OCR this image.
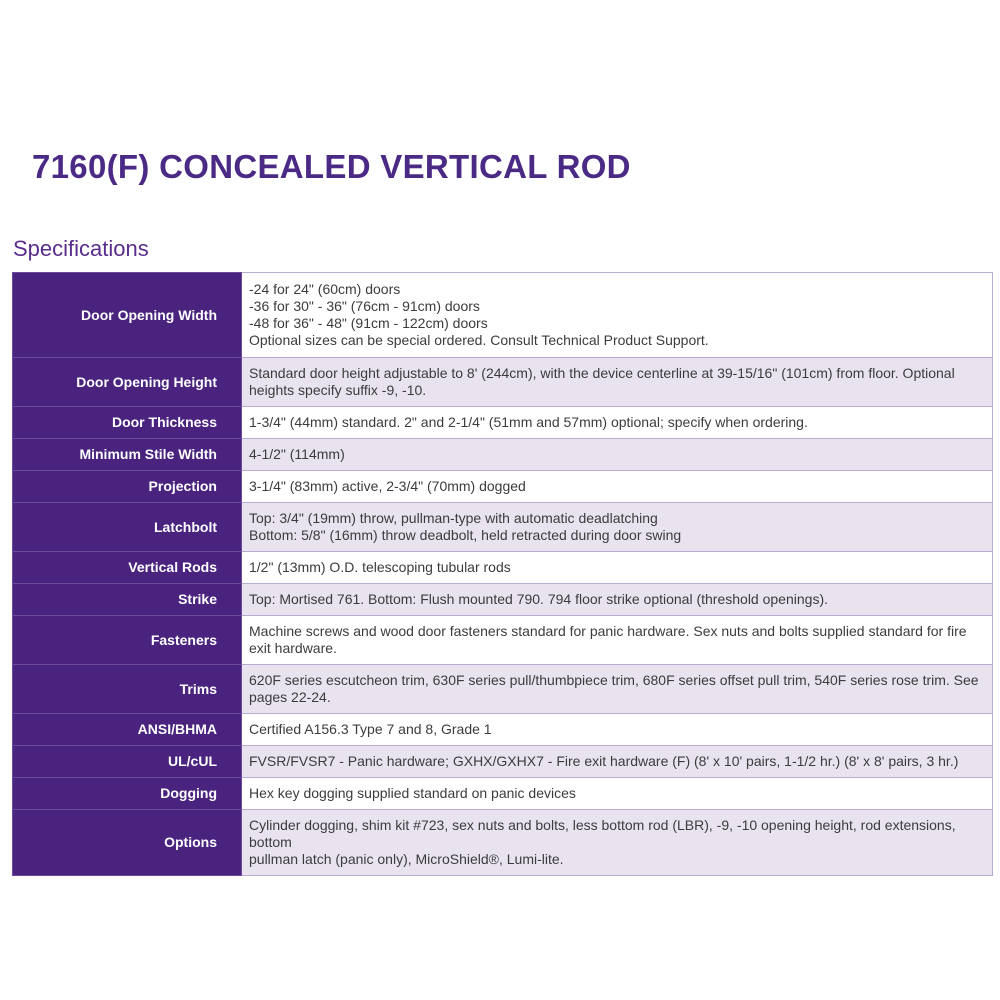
7160(F) CONCEALED VERTICAL ROD
Specifications
Door Opening Width	-24 for 24" (60cm) doors
-36 for 30" - 36" (76cm - 91cm) doors
-48 for 36" - 48" (91cm - 122cm) doors
Optional sizes can be special ordered. Consult Technical Product Support.

Door Opening Height	Standard door height adjustable to 8' (244cm), with the device centerline at 39-15/16" (101cm) from floor. Optional
heights specify suffix -9, -10.

Door Thickness	1-3/4" (44mm) standard. 2" and 2-1/4" (51mm and 57mm) optional; specify when ordering.

Minimum Stile Width	4-1/2" (114mm)

Projection	3-1/4" (83mm) active, 2-3/4" (70mm) dogged

Latchbolt	Top: 3/4" (19mm) throw, pullman-type with automatic deadlatching
Bottom: 5/8" (16mm) throw deadbolt, held retracted during door swing

Vertical Rods	1/2" (13mm) O.D. telescoping tubular rods

Strike	Top: Mortised 761. Bottom: Flush mounted 790. 794 floor strike optional (threshold openings).

Fasteners	Machine screws and wood door fasteners standard for panic hardware. Sex nuts and bolts supplied standard for fire
exit hardware.

Trims	620F series escutcheon trim, 630F series pull/thumbpiece trim, 680F series offset pull trim, 540F series rose trim. See
pages 22-24.

ANSI/BHMA	Certified A156.3 Type 7 and 8, Grade 1

UL/cUL	FVSR/FVSR7 - Panic hardware; GXHX/GXHX7 - Fire exit hardware (F) (8' x 10' pairs, 1-1/2 hr.) (8' x 8' pairs, 3 hr.)

Dogging	Hex key dogging supplied standard on panic devices

Options	Cylinder dogging, shim kit #723, sex nuts and bolts, less bottom rod (LBR), -9, -10 opening height, rod extensions, bottom
pullman latch (panic only), MicroShield®, Lumi-lite.
